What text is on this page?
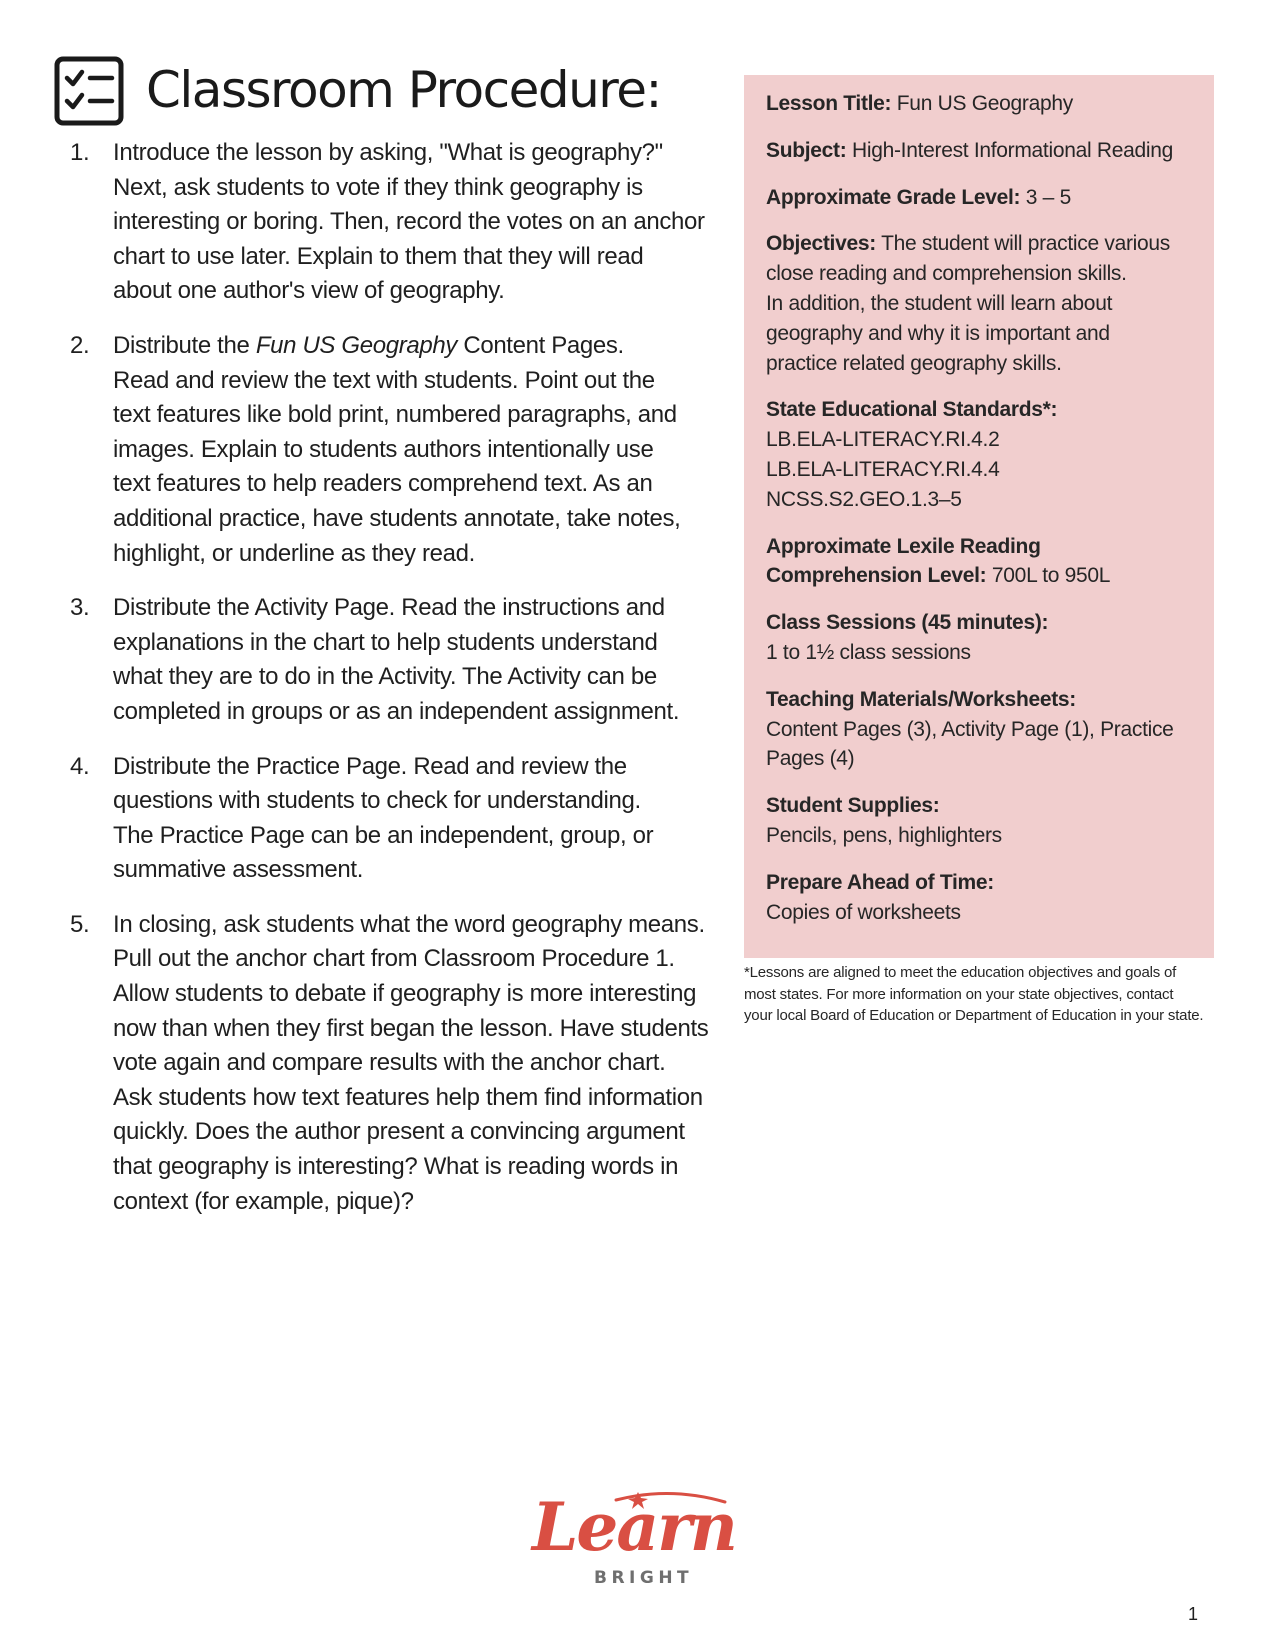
Classroom Procedure:
1. Introduce the lesson by asking, "What is geography?"
Next, ask students to vote if they think geography is
interesting or boring. Then, record the votes on an anchor
chart to use later. Explain to them that they will read
about one author's view of geography.
2. Distribute the Fun US Geography Content Pages.
Read and review the text with students. Point out the
text features like bold print, numbered paragraphs, and
images. Explain to students authors intentionally use
text features to help readers comprehend text. As an
additional practice, have students annotate, take notes,
highlight, or underline as they read.
3. Distribute the Activity Page. Read the instructions and
explanations in the chart to help students understand
what they are to do in the Activity. The Activity can be
completed in groups or as an independent assignment.
4. Distribute the Practice Page. Read and review the
questions with students to check for understanding.
The Practice Page can be an independent, group, or
summative assessment.
5. In closing, ask students what the word geography means.
Pull out the anchor chart from Classroom Procedure 1.
Allow students to debate if geography is more interesting
now than when they first began the lesson. Have students
vote again and compare results with the anchor chart.
Ask students how text features help them find information
quickly. Does the author present a convincing argument
that geography is interesting? What is reading words in
context (for example, pique)?
Lesson Title: Fun US Geography
Subject: High-Interest Informational Reading
Approximate Grade Level: 3 – 5
Objectives: The student will practice various
close reading and comprehension skills.
In addition, the student will learn about
geography and why it is important and
practice related geography skills.
State Educational Standards*:
LB.ELA-LITERACY.RI.4.2
LB.ELA-LITERACY.RI.4.4
NCSS.S2.GEO.1.3–5
Approximate Lexile Reading
Comprehension Level: 700L to 950L
Class Sessions (45 minutes):
1 to 1½ class sessions
Teaching Materials/Worksheets:
Content Pages (3), Activity Page (1), Practice
Pages (4)
Student Supplies:
Pencils, pens, highlighters
Prepare Ahead of Time:
Copies of worksheets
*Lessons are aligned to meet the education objectives and goals of
most states. For more information on your state objectives, contact
your local Board of Education or Department of Education in your state.
Learn
BRIGHT
1
